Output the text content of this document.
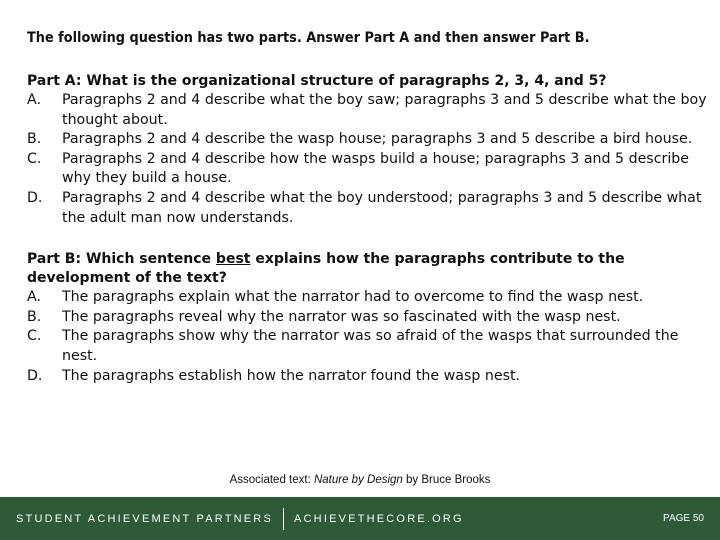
The following question has two parts. Answer Part A and then answer Part B.

Part A: What is the organizational structure of paragraphs 2, 3, 4, and 5?
A.	Paragraphs 2 and 4 describe what the boy saw; paragraphs 3 and 5 describe what the boy thought about.
B.	Paragraphs 2 and 4 describe the wasp house; paragraphs 3 and 5 describe a bird house.
C.	Paragraphs 2 and 4 describe how the wasps build a house; paragraphs 3 and 5 describe why they build a house.
D.	Paragraphs 2 and 4 describe what the boy understood; paragraphs 3 and 5 describe what the adult man now understands.
Part B: Which sentence best explains how the paragraphs contribute to the development of the text?
A.	The paragraphs explain what the narrator had to overcome to find the wasp nest.
B.	The paragraphs reveal why the narrator was so fascinated with the wasp nest.
C.	The paragraphs show why the narrator was so afraid of the wasps that surrounded the nest.
D.	The paragraphs establish how the narrator found the wasp nest.
Associated text: Nature by Design by Bruce Brooks
STUDENT ACHIEVEMENT PARTNERS ACHIEVETHECORE.ORG	PAGE 50
